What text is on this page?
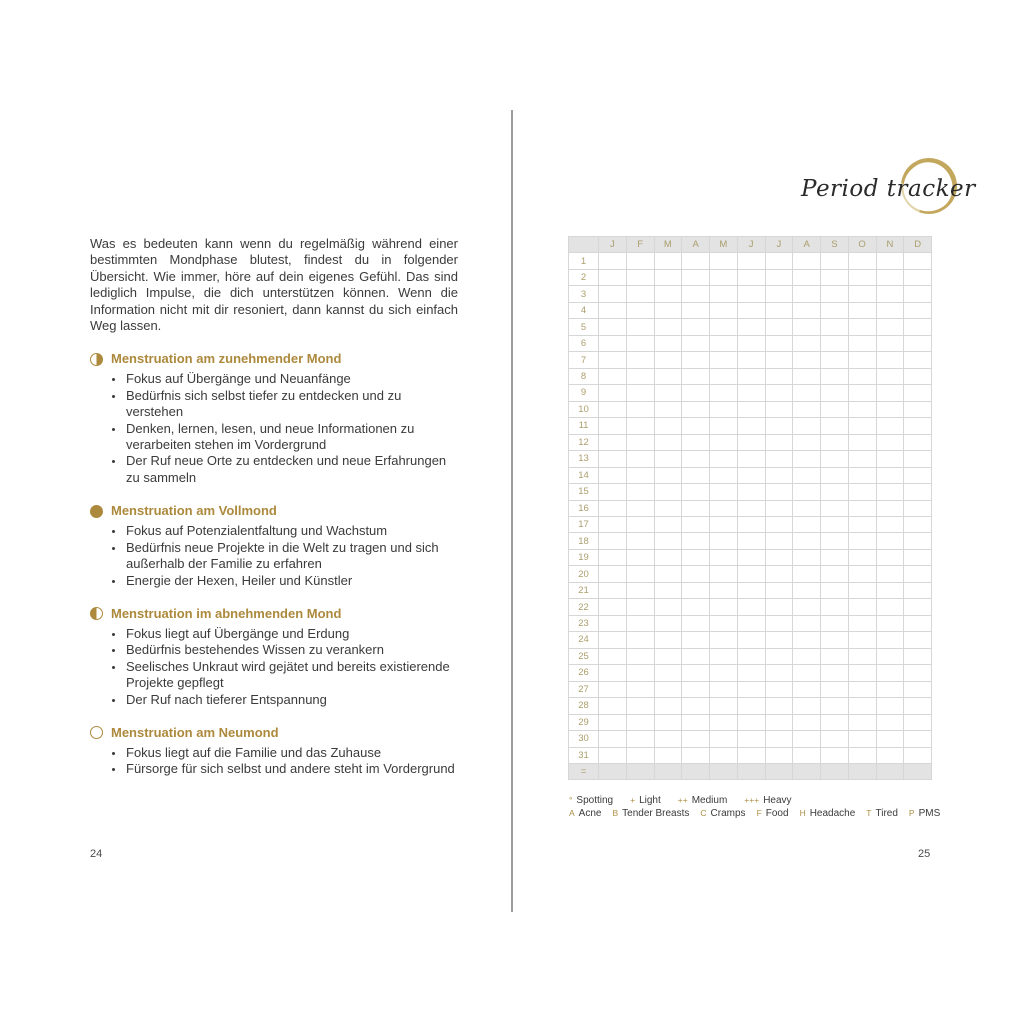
Was es bedeuten kann wenn du regelmäßig während einer bestimmten Mondphase blutest, findest du in folgender Übersicht. Wie immer, höre auf dein eigenes Gefühl. Das sind lediglich Impulse, die dich unterstützen können. Wenn die Information nicht mit dir resoniert, dann kannst du sich einfach Weg lassen.

Menstruation am zunehmender Mond
• Fokus auf Übergänge und Neuanfänge
• Bedürfnis sich selbst tiefer zu entdecken und zu verstehen
• Denken, lernen, lesen, und neue Informationen zu verarbeiten stehen im Vordergrund
• Der Ruf neue Orte zu entdecken und neue Erfahrungen zu sammeln
Menstruation am Vollmond
• Fokus auf Potenzialentfaltung und Wachstum
• Bedürfnis neue Projekte in die Welt zu tragen und sich außerhalb der Familie zu erfahren
• Energie der Hexen, Heiler und Künstler
Menstruation im abnehmenden Mond
• Fokus liegt auf Übergänge und Erdung
• Bedürfnis bestehendes Wissen zu verankern
• Seelisches Unkraut wird gejätet und bereits existierende Projekte gepflegt
• Der Ruf nach tieferer Entspannung
Menstruation am Neumond
• Fokus liegt auf die Familie und das Zuhause
• Fürsorge für sich selbst und andere steht im Vordergrund
24
Period tracker
	J	F	M	A	M	J	J	A	S	O	N	D
1												
2												
3												
4												
5												
6												
7												
8												
9												
10												
11												
12												
13												
14												
15												
16												
17												
18												
19												
20												
21												
22												
23												
24												
25												
26												
27												
28												
29												
30												
31												
=												
° Spotting + Light ++ Medium +++ Heavy
A Acne B Tender Breasts C Cramps F Food H Headache T Tired P PMS
25
